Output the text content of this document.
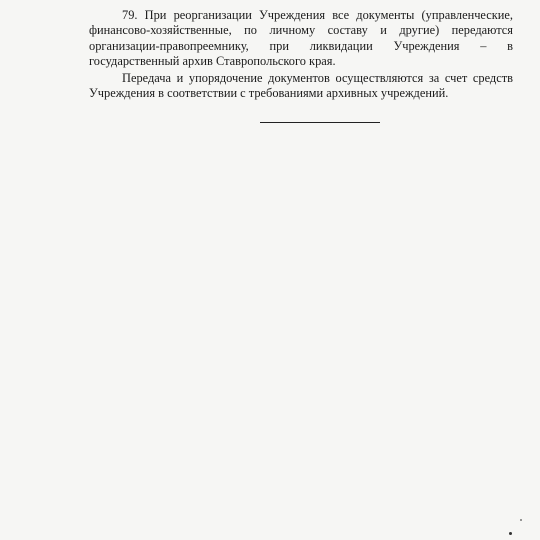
79. При реорганизации Учреждения все документы (управленческие,
финансово-хозяйственные, по личному составу и другие) передаются
организации-правопреемнику, при ликвидации Учреждения – в
государственный архив Ставропольского края.

Передача и упорядочение документов осуществляются за счет средств
Учреждения в соответствии с требованиями архивных учреждений.
